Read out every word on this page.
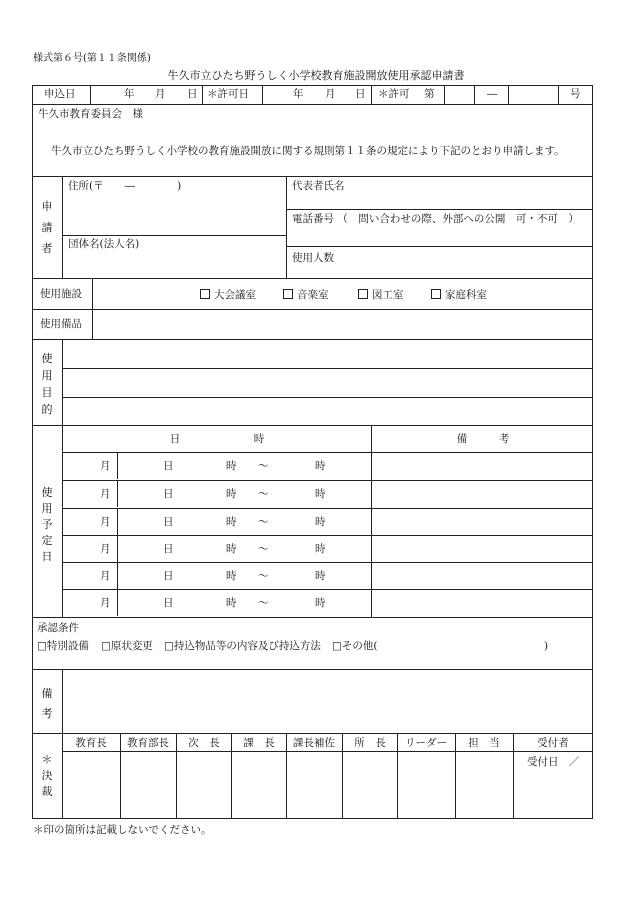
様式第６号(第１１条関係)
牛久市立ひたち野うしく小学校教育施設開放使用承認申請書
申込日	年 月 日 ＊許可日	年 月 日 ＊許可 第	―	号
牛久市教育委員会　様
牛久市立ひたち野うしく小学校の教育施設開放に関する規則第１１条の規定により下記のとおり申請します。
申請者
住所(〒　　―　　　　)
団体名(法人名)
代表者氏名
電話番号 （　問い合わせの際、外部への公開　可・不可　）
使用人数
使用施設	大会議室	音楽室	図工室	家庭科室
使用備品
使用目的
使用予定日
日　　　　　　　時	備　　　考
月	日	時 〜	時
月	日	時 〜	時
月	日	時 〜	時
月	日	時 〜	時
月	日	時 〜	時
月	日	時 〜	時
承認条件
□特別設備 □原状変更 □持込物品等の内容及び持込方法 □その他(	)
備考
＊決裁
教育長 教育部長 次　長 課　長 課長補佐 所　長 リーダー 担　当	受付者
受付日　／
＊印の箇所は記載しないでください。
